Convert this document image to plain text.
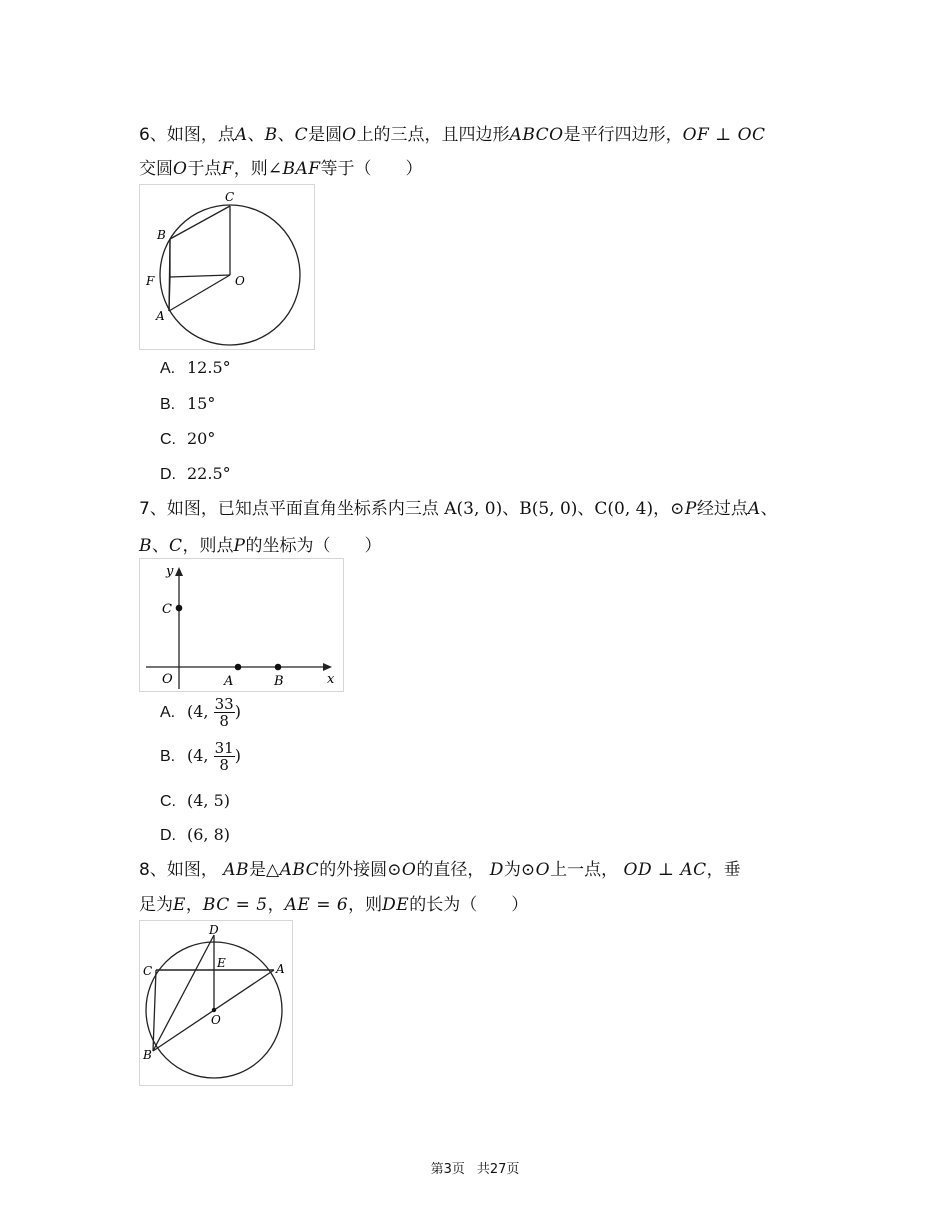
6、如图，点A、B、C是圆O上的三点，且四边形ABCO是平行四边形，OF ⊥ OC
交圆O于点F，则∠BAF等于（　　）
C
B
F	O
A
A. 12.5°
B. 15°
C. 20°
D. 22.5°
7、如图，已知点平面直角坐标系内三点 A(3, 0)、B(5, 0)、C(0, 4)，⊙P经过点A、
B、C，则点P的坐标为（　　）
y
C
O	A	B	x
A. (4, $\frac{33}{8}$ )
B. (4, $\frac{31}{8}$ )
C. (4, 5)
D. (6, 8)
8、如图， AB是△ABC的外接圆⊙O的直径， D为⊙O上一点， OD ⊥ AC，垂
足为E，BC = 5，AE = 6，则DE的长为（　　）
D
C
E	A
O
B
第3页 共27页
